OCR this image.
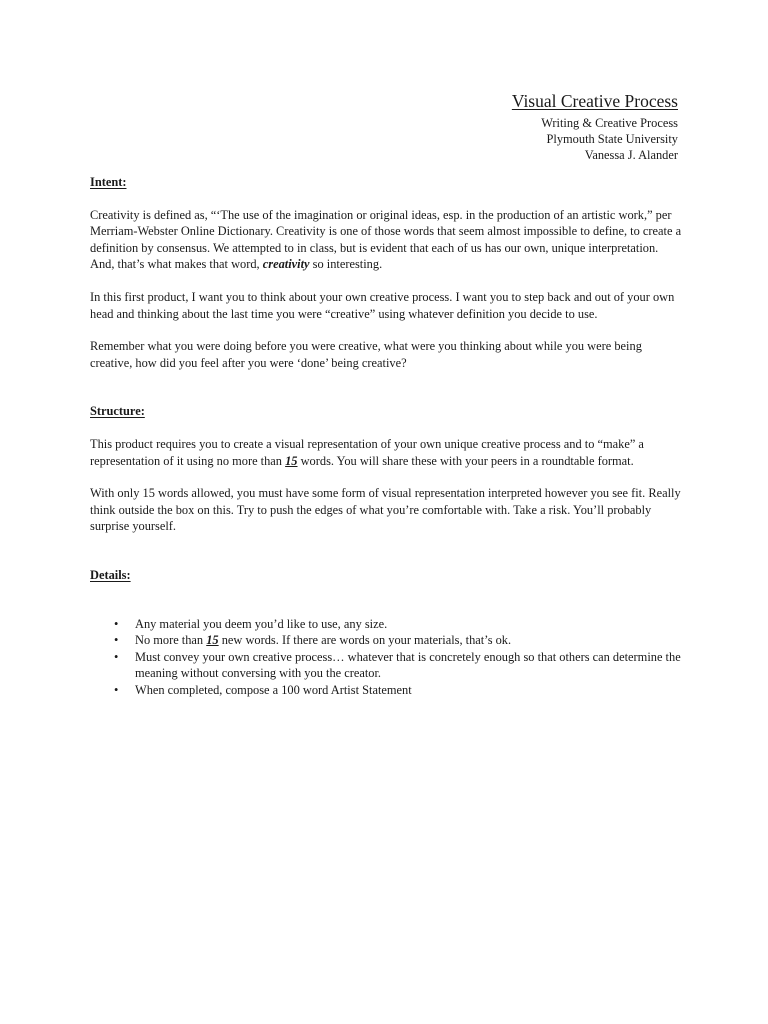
Visual Creative Process
Writing & Creative Process
Plymouth State University
Vanessa J. Alander

Intent:

Creativity is defined as, “‘The use of the imagination or original ideas, esp. in the production of an artistic work,” per Merriam-Webster Online Dictionary. Creativity is one of those words that seem almost impossible to define, to create a definition by consensus. We attempted to in class, but is evident that each of us has our own, unique interpretation. And, that’s what makes that word, creativity so interesting.

In this first product, I want you to think about your own creative process. I want you to step back and out of your own head and thinking about the last time you were “creative” using whatever definition you decide to use.

Remember what you were doing before you were creative, what were you thinking about while you were being creative, how did you feel after you were ‘done’ being creative?

Structure:

This product requires you to create a visual representation of your own unique creative process and to “make” a representation of it using no more than 15 words. You will share these with your peers in a roundtable format.

With only 15 words allowed, you must have some form of visual representation interpreted however you see fit. Really think outside the box on this. Try to push the edges of what you’re comfortable with. Take a risk. You’ll probably surprise yourself.

Details:

• Any material you deem you’d like to use, any size.
• No more than 15 new words. If there are words on your materials, that’s ok.
• Must convey your own creative process… whatever that is concretely enough so that others can determine the meaning without conversing with you the creator.
• When completed, compose a 100 word Artist Statement
